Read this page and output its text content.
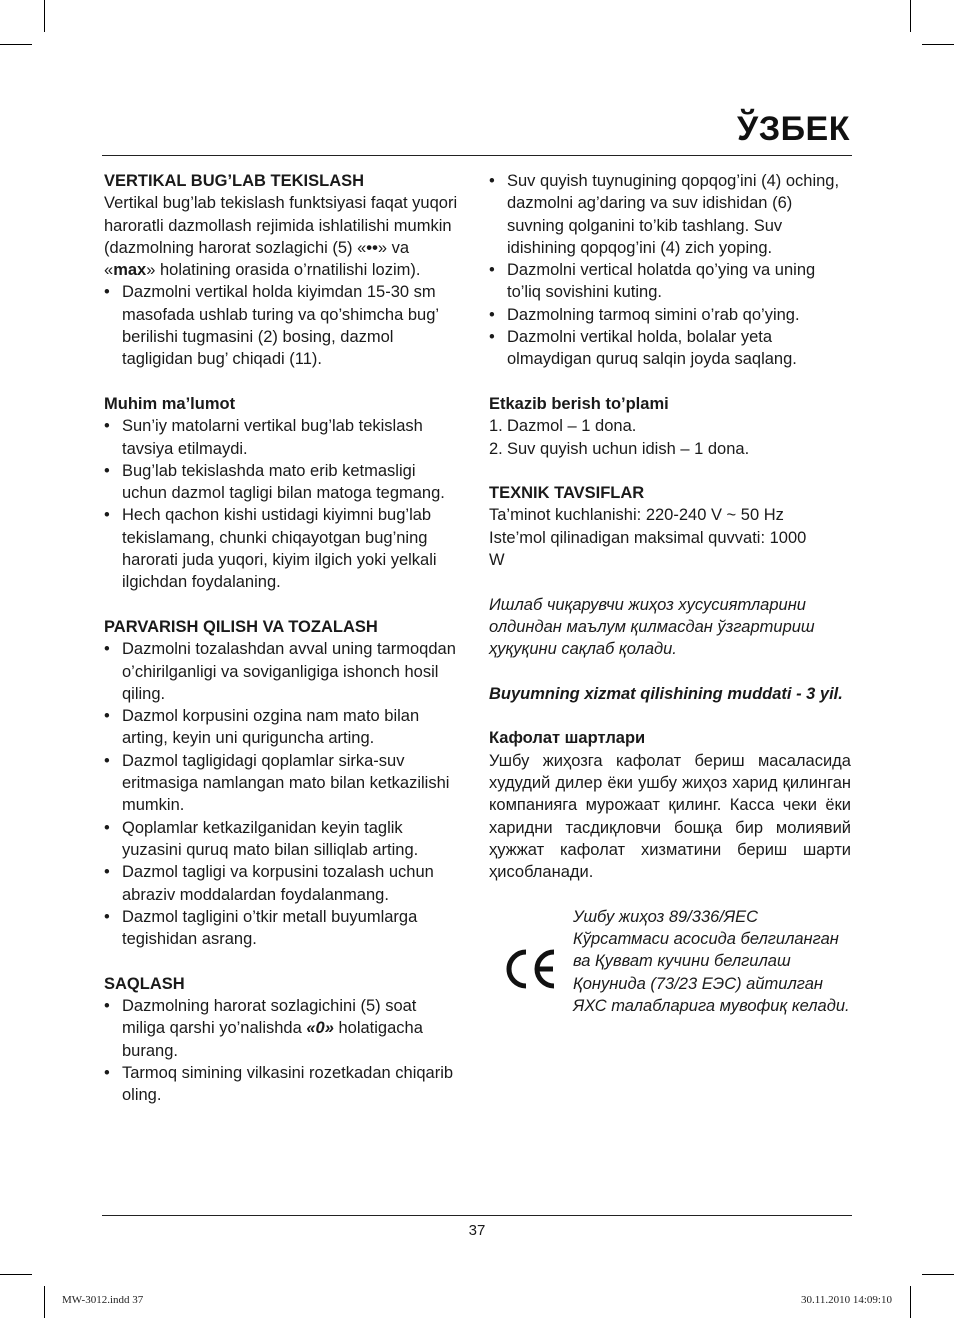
ЎЗБЕК
VERTIKAL BUG’LAB TEKISLASH
Vertikal bug’lab tekislash funktsiyasi faqat yuqori haroratli dazmollash rejimida ishlatilishi mumkin (dazmolning harorat sozlagichi (5) «••» va «max» holatining orasida o’rnatilishi lozim).
• Dazmolni vertikal holda kiyimdan 15-30 sm masofada ushlab turing va qo’shimcha bug’ berilishi tugmasini (2) bosing, dazmol tagligidan bug’ chiqadi (11).
Muhim ma’lumot
• Sun’iy matolarni vertikal bug’lab tekislash tavsiya etilmaydi.
• Bug’lab tekislashda mato erib ketmasligi uchun dazmol tagligi bilan matoga tegmang.
• Hech qachon kishi ustidagi kiyimni bug’lab tekislamang, chunki chiqayotgan bug’ning harorati juda yuqori, kiyim ilgich yoki yelkali ilgichdan foydalaning.
PARVARISH QILISH VA TOZALASH
• Dazmolni tozalashdan avval uning tarmoqdan o’chirilganligi va soviganligiga ishonch hosil qiling.
• Dazmol korpusini ozgina nam mato bilan arting, keyin uni quriguncha arting.
• Dazmol tagligidagi qoplamlar sirka-suv eritmasiga namlangan mato bilan ketkazilishi mumkin.
• Qoplamlar ketkazilganidan keyin taglik yuzasini quruq mato bilan silliqlab arting.
• Dazmol tagligi va korpusini tozalash uchun abraziv moddalardan foydalanmang.
• Dazmol tagligini o’tkir metall buyumlarga tegishidan asrang.
SAQLASH
• Dazmolning harorat sozlagichini (5) soat miliga qarshi yo’nalishda «0» holatigacha burang.
• Tarmoq simining vilkasini rozetkadan chiqarib oling.
• Suv quyish tuynugining qopqog’ini (4) oching, dazmolni ag’daring va suv idishidan (6) suvning qolganini to’kib tashlang. Suv idishining qopqog’ini (4) zich yoping.
• Dazmolni vertical holatda qo’ying va uning to’liq sovishini kuting.
• Dazmolning tarmoq simini o’rab qo’ying.
• Dazmolni vertikal holda, bolalar yeta olmaydigan quruq salqin joyda saqlang.
Etkazib berish to’plami
1. Dazmol – 1 dona.
2. Suv quyish uchun idish – 1 dona.
TEXNIK TAVSIFLAR
Ta’minot kuchlanishi: 220-240 V ~ 50 Hz
Iste’mol qilinadigan maksimal quvvati: 1000 W
Ишлаб чиқарувчи жиҳоз хусусиятларини олдиндан маълум қилмасдан ўзгартириш ҳуқуқини сақлаб қолади.
Buyumning xizmat qilishining muddati - 3 yil.
Кафолат шартлари
Ушбу жиҳозга кафолат бериш масаласида худудий дилер ёки ушбу жиҳоз харид қилинган компанияга мурожаат қилинг. Касса чеки ёки харидни тасдиқловчи бошқа бир молиявий ҳужжат кафолат хизматини бериш шарти ҳисобланади.
Ушбу жиҳоз 89/336/ЯЕС Кўрсатмаси асосида белгиланган ва Қувват кучини белгилаш Қонунида (73/23 ЕЭС) айтилган ЯХС талабларига мувофиқ келади.
37
MW-3012.indd 37	30.11.2010 14:09:10
